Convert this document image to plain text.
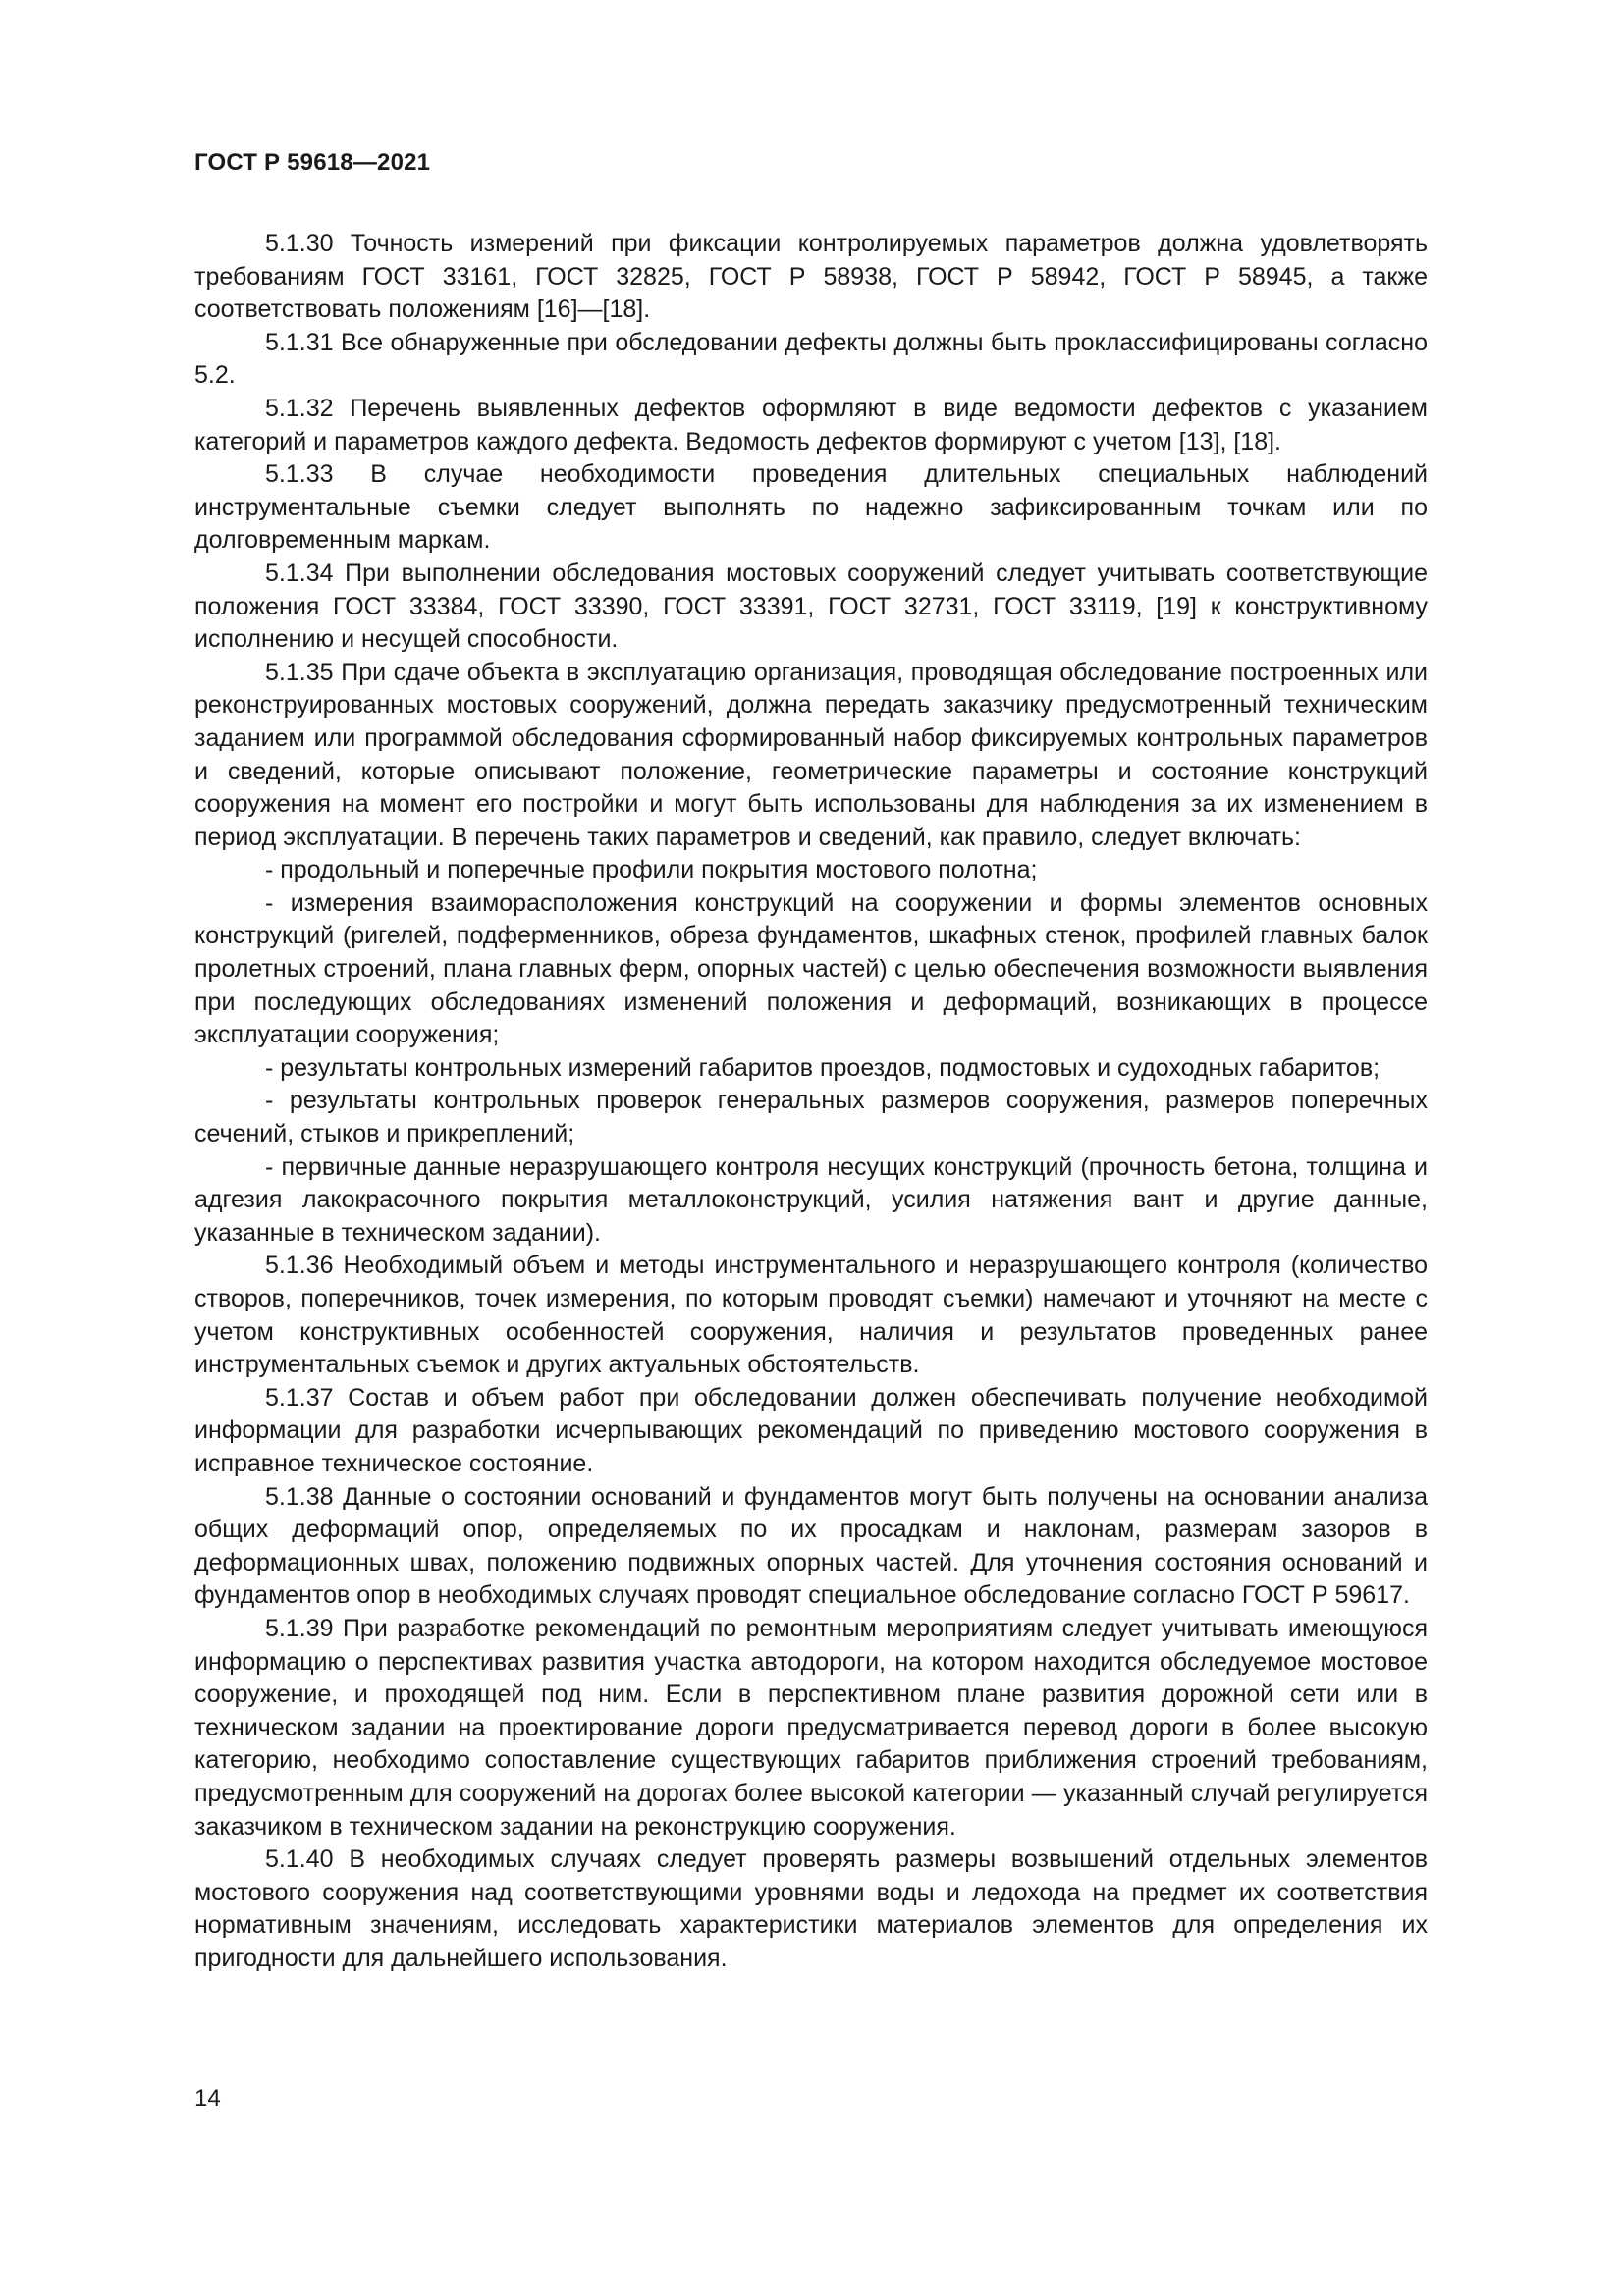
ГОСТ Р 59618—2021

5.1.30 Точность измерений при фиксации контролируемых параметров должна удовлетворять требованиям ГОСТ 33161, ГОСТ 32825, ГОСТ Р 58938, ГОСТ Р 58942, ГОСТ Р 58945, а также соответствовать положениям [16]—[18].

5.1.31 Все обнаруженные при обследовании дефекты должны быть проклассифицированы согласно 5.2.

5.1.32 Перечень выявленных дефектов оформляют в виде ведомости дефектов с указанием категорий и параметров каждого дефекта. Ведомость дефектов формируют с учетом [13], [18].

5.1.33 В случае необходимости проведения длительных специальных наблюдений инструментальные съемки следует выполнять по надежно зафиксированным точкам или по долговременным маркам.

5.1.34 При выполнении обследования мостовых сооружений следует учитывать соответствующие положения ГОСТ 33384, ГОСТ 33390, ГОСТ 33391, ГОСТ 32731, ГОСТ 33119, [19] к конструктивному исполнению и несущей способности.

5.1.35 При сдаче объекта в эксплуатацию организация, проводящая обследование построенных или реконструированных мостовых сооружений, должна передать заказчику предусмотренный техническим заданием или программой обследования сформированный набор фиксируемых контрольных параметров и сведений, которые описывают положение, геометрические параметры и состояние конструкций сооружения на момент его постройки и могут быть использованы для наблюдения за их изменением в период эксплуатации. В перечень таких параметров и сведений, как правило, следует включать:

- продольный и поперечные профили покрытия мостового полотна;

- измерения взаиморасположения конструкций на сооружении и формы элементов основных конструкций (ригелей, подферменников, обреза фундаментов, шкафных стенок, профилей главных балок пролетных строений, плана главных ферм, опорных частей) с целью обеспечения возможности выявления при последующих обследованиях изменений положения и деформаций, возникающих в процессе эксплуатации сооружения;

- результаты контрольных измерений габаритов проездов, подмостовых и судоходных габаритов;

- результаты контрольных проверок генеральных размеров сооружения, размеров поперечных сечений, стыков и прикреплений;

- первичные данные неразрушающего контроля несущих конструкций (прочность бетона, толщина и адгезия лакокрасочного покрытия металлоконструкций, усилия натяжения вант и другие данные, указанные в техническом задании).

5.1.36 Необходимый объем и методы инструментального и неразрушающего контроля (количество створов, поперечников, точек измерения, по которым проводят съемки) намечают и уточняют на месте с учетом конструктивных особенностей сооружения, наличия и результатов проведенных ранее инструментальных съемок и других актуальных обстоятельств.

5.1.37 Состав и объем работ при обследовании должен обеспечивать получение необходимой информации для разработки исчерпывающих рекомендаций по приведению мостового сооружения в исправное техническое состояние.

5.1.38 Данные о состоянии оснований и фундаментов могут быть получены на основании анализа общих деформаций опор, определяемых по их просадкам и наклонам, размерам зазоров в деформационных швах, положению подвижных опорных частей. Для уточнения состояния оснований и фундаментов опор в необходимых случаях проводят специальное обследование согласно ГОСТ Р 59617.

5.1.39 При разработке рекомендаций по ремонтным мероприятиям следует учитывать имеющуюся информацию о перспективах развития участка автодороги, на котором находится обследуемое мостовое сооружение, и проходящей под ним. Если в перспективном плане развития дорожной сети или в техническом задании на проектирование дороги предусматривается перевод дороги в более высокую категорию, необходимо сопоставление существующих габаритов приближения строений требованиям, предусмотренным для сооружений на дорогах более высокой категории — указанный случай регулируется заказчиком в техническом задании на реконструкцию сооружения.

5.1.40 В необходимых случаях следует проверять размеры возвышений отдельных элементов мостового сооружения над соответствующими уровнями воды и ледохода на предмет их соответствия нормативным значениям, исследовать характеристики материалов элементов для определения их пригодности для дальнейшего использования.

14
